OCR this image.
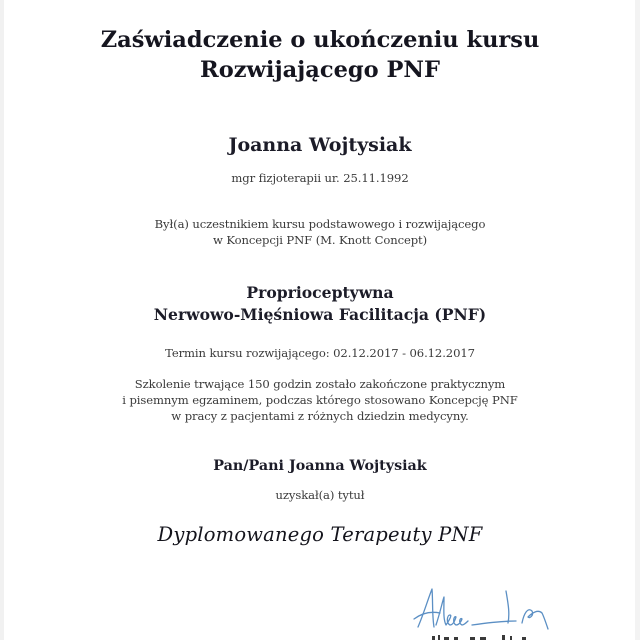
Zaświadczenie o ukończeniu kursu
Rozwijającego PNF
Joanna Wojtysiak
mgr fizjoterapii ur. 25.11.1992
Był(a) uczestnikiem kursu podstawowego i rozwijającego
w Koncepcji PNF (M. Knott Concept)
Proprioceptywna
Nerwowo-Mięśniowa Facilitacja (PNF)
Termin kursu rozwijającego: 02.12.2017 - 06.12.2017
Szkolenie trwające 150 godzin zostało zakończone praktycznym
i pisemnym egzaminem, podczas którego stosowano Koncepcję PNF
w pracy z pacjentami z różnych dziedzin medycyny.
Pan/Pani Joanna Wojtysiak
uzyskał(a) tytuł
Dyplomowanego Terapeuty PNF
